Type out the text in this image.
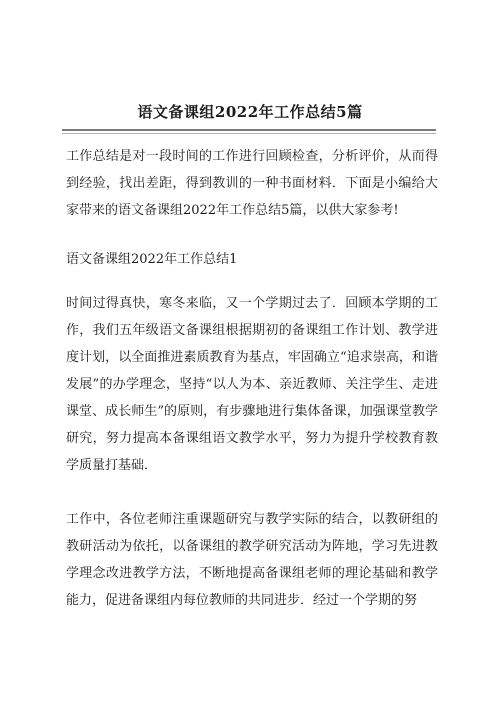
语文备课组2022年工作总结5篇
工作总结是对一段时间的工作进行回顾检查，分析评价，从而得到经验，找出差距，得到教训的一种书面材料．下面是小编给大家带来的语文备课组2022年工作总结5篇，以供大家参考!
语文备课组2022年工作总结1
时间过得真快，寒冬来临，又一个学期过去了．回顾本学期的工作，我们五年级语文备课组根据期初的备课组工作计划、教学进度计划，以全面推进素质教育为基点，牢固确立“追求崇高，和谐发展”的办学理念，坚持“以人为本、亲近教师、关注学生、走进课堂、成长师生”的原则，有步骤地进行集体备课，加强课堂教学研究，努力提高本备课组语文教学水平，努力为提升学校教育教学质量打基础．
工作中，各位老师注重课题研究与教学实际的结合，以教研组的教研活动为依托，以备课组的教学研究活动为阵地，学习先进教学理念改进教学方法，不断地提高备课组老师的理论基础和教学能力，促进备课组内每位教师的共同进步．经过一个学期的努
